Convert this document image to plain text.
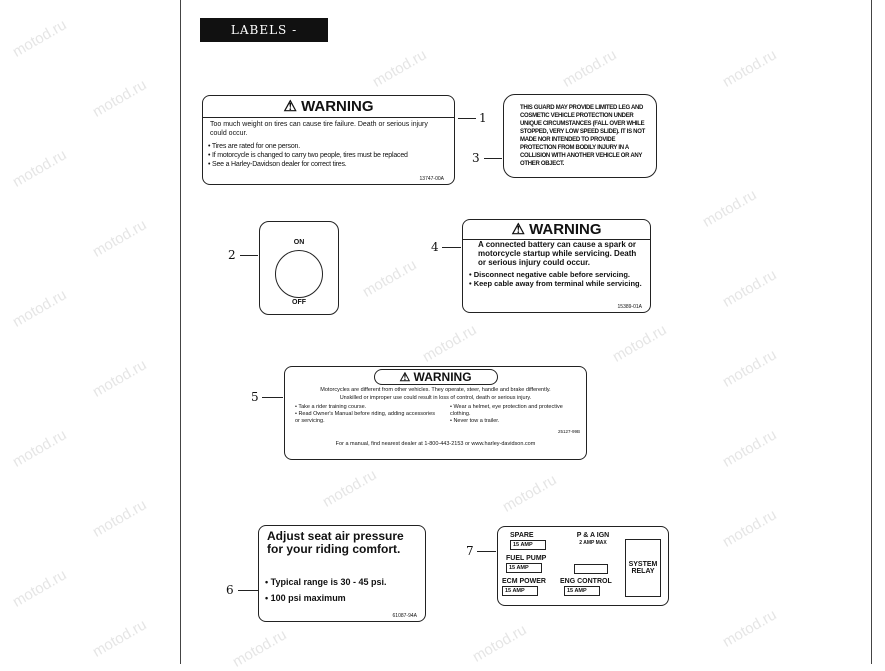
motod.ru
motod.ru
motod.ru
motod.ru
motod.ru
motod.ru
motod.ru
motod.ru
motod.ru
motod.ru
motod.ru	motod.ru	motod.ru
motod.ru
motod.ru
motod.ru
motod.ru
motod.ru
motod.ru
motod.ru
motod.ru	motod.ru
motod.ru	motod.ru
motod.ru	motod.ru
LABELS - DECALS
⚠ WARNING
Too much weight on tires can cause tire failure. Death or serious injury could occur.
• Tires are rated for one person.
• If motorcycle is changed to carry two people, tires must be replaced
• See a Harley-Davidson dealer for correct tires.
13747-00A
1
THIS GUARD MAY PROVIDE LIMITED LEG AND COSMETIC VEHICLE PROTECTION UNDER UNIQUE CIRCUMSTANCES (FALL OVER WHILE STOPPED, VERY LOW SPEED SLIDE). IT IS NOT MADE NOR INTENDED TO PROVIDE PROTECTION FROM BODILY INJURY IN A COLLISION WITH ANOTHER VEHICLE OR ANY OTHER OBJECT.
3
ON
OFF
2
⚠ WARNING
A connected battery can cause a spark or motorcycle startup while servicing. Death or serious injury could occur.
• Disconnect negative cable before servicing.
• Keep cable away from terminal while servicing.
15389-01A
4
⚠ WARNING
Motorcycles are different from other vehicles. They operate, steer, handle and brake differently.
Unskilled or improper use could result in loss of control, death or serious injury.
• Take a rider training course.
• Read Owner's Manual before riding, adding accessories or servicing.
• Wear a helmet, eye protection and protective clothing.
• Never tow a trailer.
25127-99B
For a manual, find nearest dealer at 1-800-443-2153 or www.harley-davidson.com
5
Adjust seat air pressure for your riding comfort.
• Typical range is 30 - 45 psi.
• 100 psi maximum
61087-94A
6
SPARE
15 AMP
P & A IGN
2 AMP MAX
FUEL PUMP
15 AMP
ECM POWER
15 AMP
ENG CONTROL
15 AMP
SYSTEM RELAY
7
